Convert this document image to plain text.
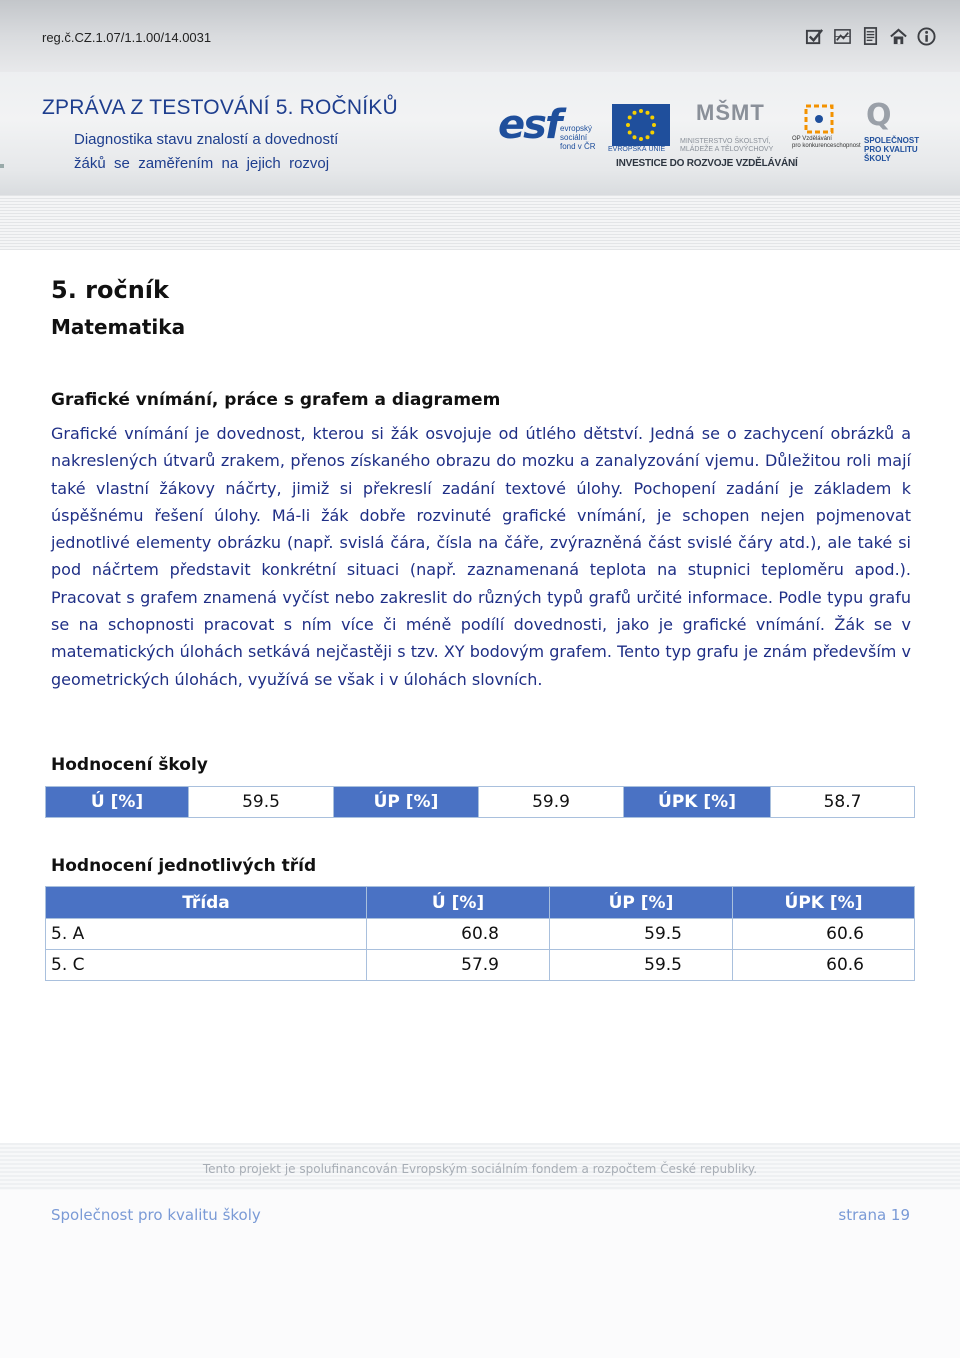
reg.č.CZ.1.07/1.1.00/14.0031
ZPRÁVA Z TESTOVÁNÍ 5. ROČNÍKŮ
Diagnostika stavu znalostí a dovedností
žáků  se  zaměřením  na  jejich  rozvoj
esf evropský
sociální
fond v ČR EVROPSKÁ UNIE
MŠMT
MINISTERSTVO ŠKOLSTVÍ,
MLÁDEŽE A TĚLOVÝCHOVY
OP Vzdělávání
pro konkurenceschopnost
Q
SPOLEČNOST
PRO KVALITU ŠKOLY
INVESTICE DO ROZVOJE VZDĚLÁVÁNÍ
5. ročník
Matematika
Grafické vnímání, práce s grafem a diagramem

Grafické vnímání je dovednost, kterou si žák osvojuje od útlého dětství. Jedná se o zachycení obrázků a nakreslených útvarů zrakem, přenos získaného obrazu do mozku a zanalyzování vjemu. Důležitou roli mají také vlastní žákovy náčrty, jimiž si překreslí zadání textové úlohy. Pochopení zadání je základem k úspěšnému řešení úlohy. Má-li žák dobře rozvinuté grafické vnímání, je schopen nejen pojmenovat jednotlivé elementy obrázku (např. svislá čára, čísla na čáře, zvýrazněná část svislé čáry atd.), ale také si pod náčrtem představit konkrétní situaci (např. zaznamenaná teplota na stupnici teploměru apod.). Pracovat s grafem znamená vyčíst nebo zakreslit do různých typů grafů určité informace. Podle typu grafu se na schopnosti pracovat s ním více či méně podílí dovednosti, jako je grafické vnímání. Žák se v matematických úlohách setkává nejčastěji s tzv. XY bodovým grafem. Tento typ grafu je znám především v geometrických úlohách, využívá se však i v úlohách slovních.

Hodnocení školy
Ú [%]	59.5	ÚP [%]	59.9	ÚPK [%]	58.7
Hodnocení jednotlivých tříd
Třída	Ú [%]	ÚP [%]	ÚPK [%]
5. A	60.8	59.5	60.6
5. C	57.9	59.5	60.6
Tento projekt je spolufinancován Evropským sociálním fondem a rozpočtem České republiky.
Společnost pro kvalitu školy	strana 19
